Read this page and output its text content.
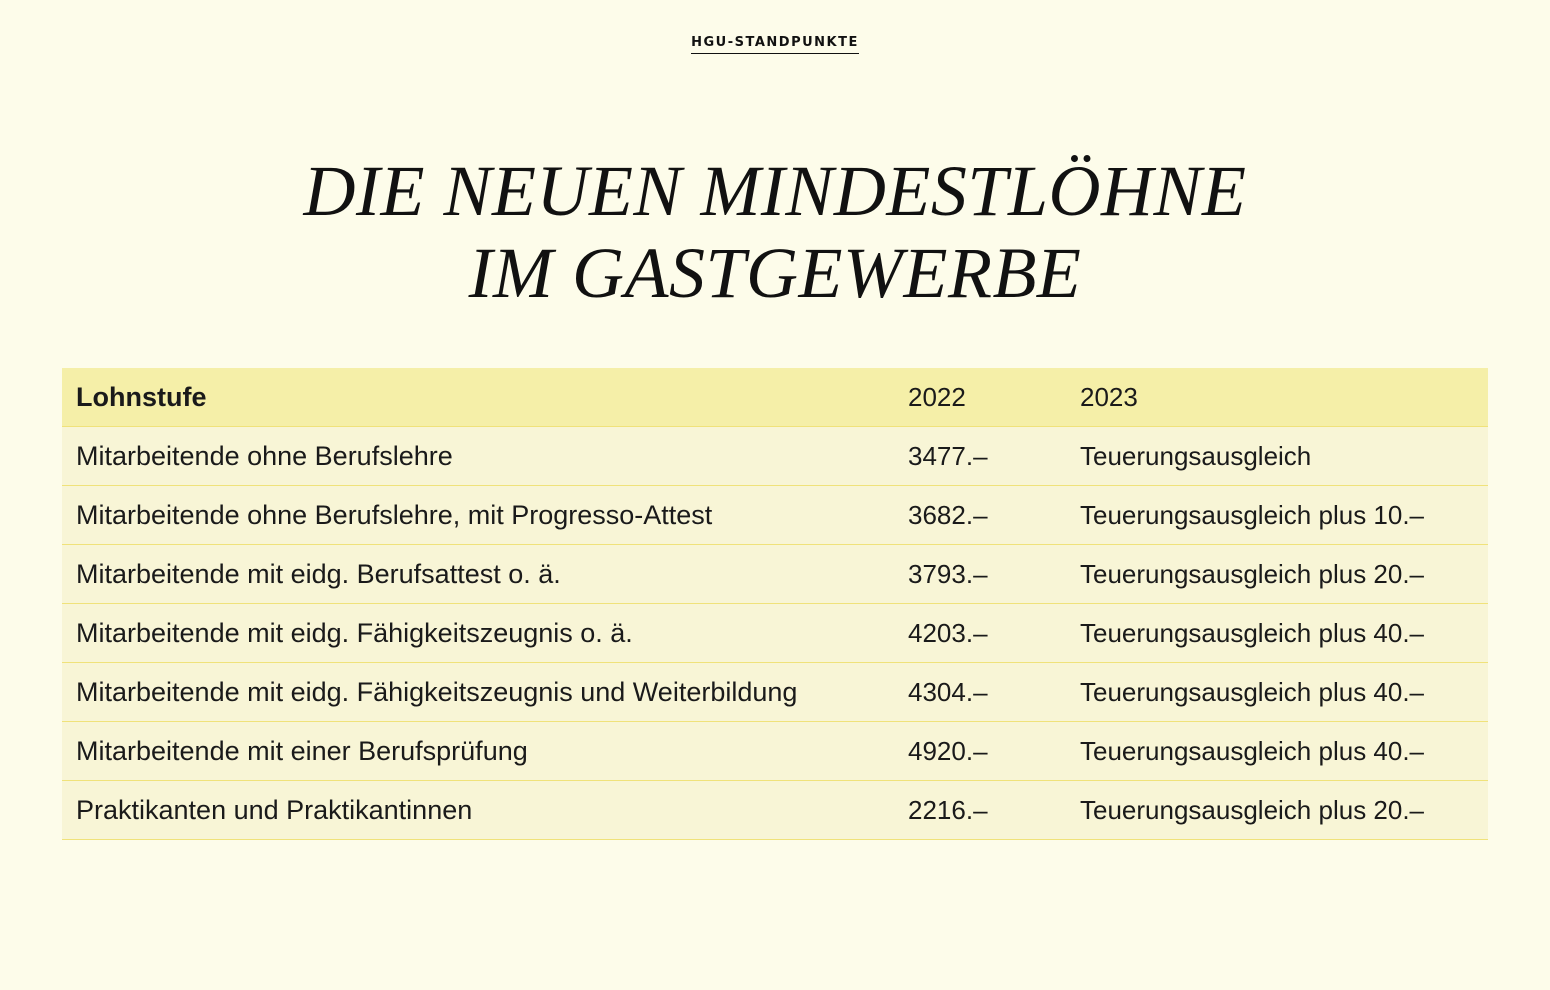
HGU-STANDPUNKTE
DIE NEUEN MINDESTLÖHNE
IM GASTGEWERBE
Lohnstufe	2022	2023
Mitarbeitende ohne Berufslehre	3477.–	Teuerungsausgleich
Mitarbeitende ohne Berufslehre, mit Progresso-Attest	3682.–	Teuerungsausgleich plus 10.–
Mitarbeitende mit eidg. Berufsattest o. ä.	3793.–	Teuerungsausgleich plus 20.–
Mitarbeitende mit eidg. Fähigkeitszeugnis o. ä.	4203.–	Teuerungsausgleich plus 40.–
Mitarbeitende mit eidg. Fähigkeitszeugnis und Weiterbildung	4304.–	Teuerungsausgleich plus 40.–
Mitarbeitende mit einer Berufsprüfung	4920.–	Teuerungsausgleich plus 40.–
Praktikanten und Praktikantinnen	2216.–	Teuerungsausgleich plus 20.–
